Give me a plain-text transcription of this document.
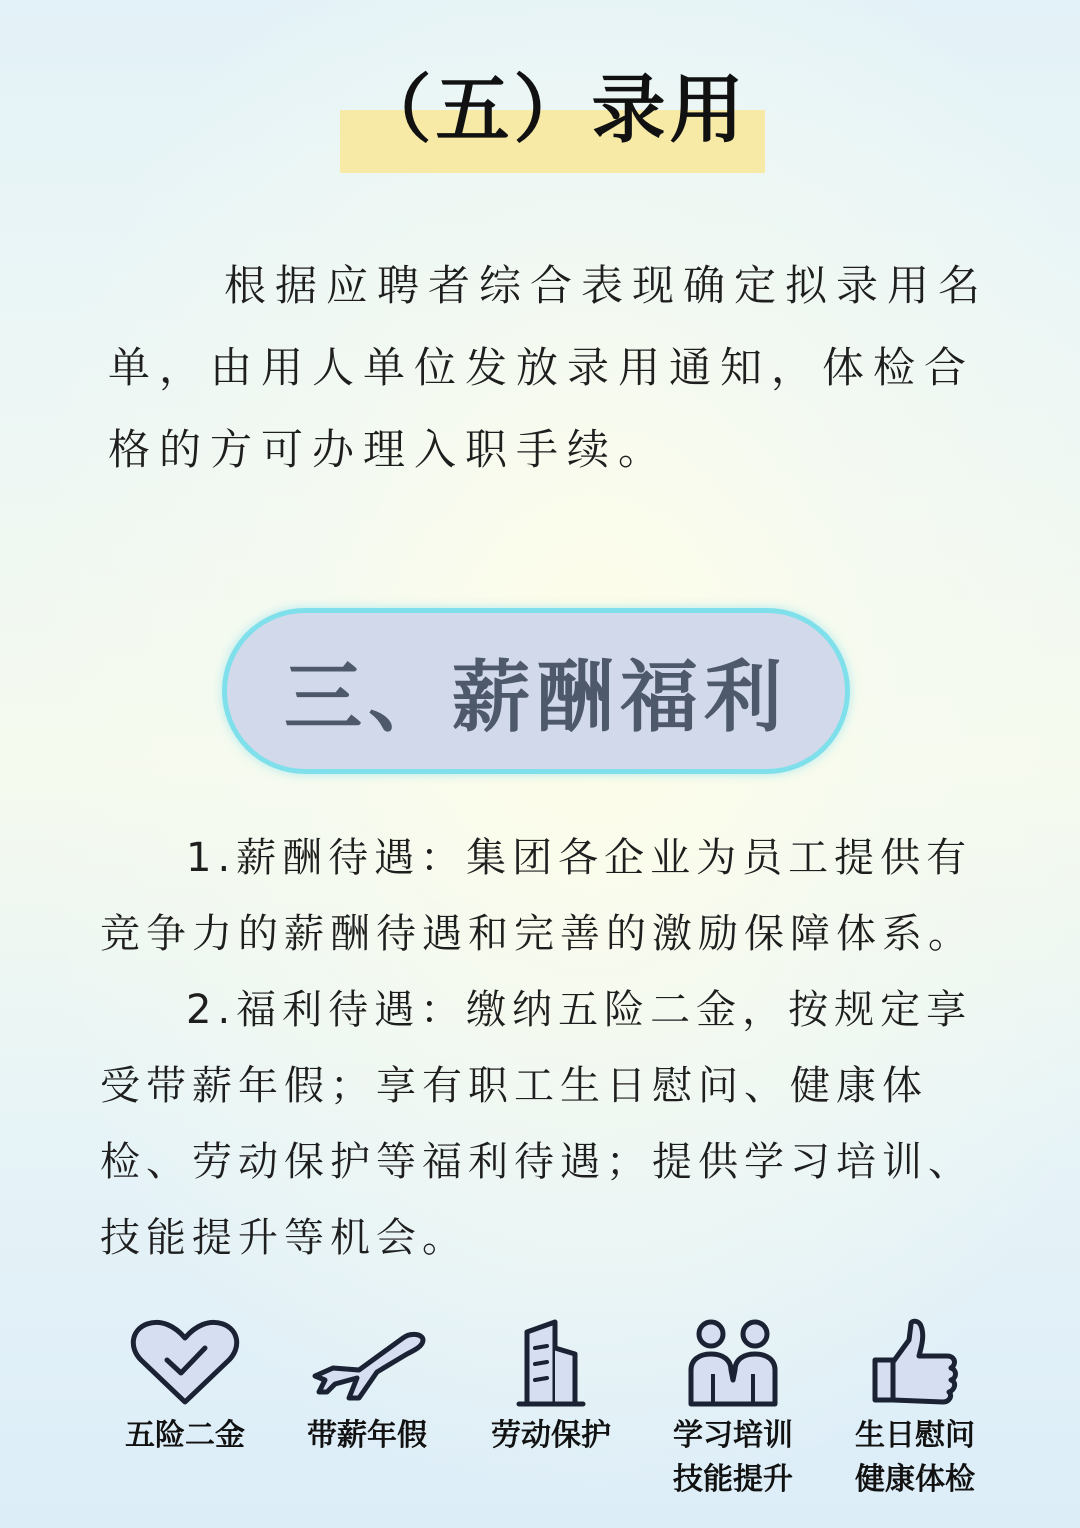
（五）录用

根据应聘者综合表现确定拟录用名单，由用人单位发放录用通知，体检合格的方可办理入职手续。

三、薪酬福利

1.薪酬待遇：集团各企业为员工提供有竞争力的薪酬待遇和完善的激励保障体系。

2.福利待遇：缴纳五险二金，按规定享受带薪年假；享有职工生日慰问、健康体检、劳动保护等福利待遇；提供学习培训、技能提升等机会。

五险二金	带薪年假	劳动保护	学习培训
技能提升
生日慰问
健康体检
